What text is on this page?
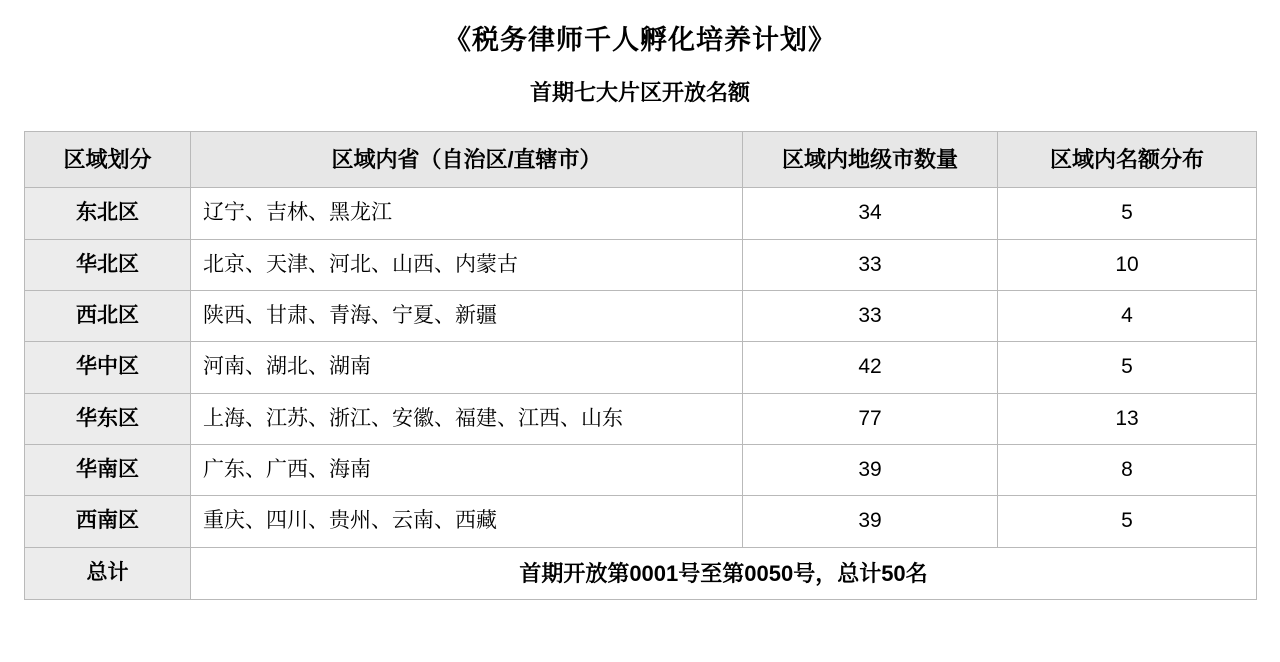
《税务律师千人孵化培养计划》
首期七大片区开放名额
区域划分	区域内省（自治区/直辖市）	区域内地级市数量	区域内名额分布
东北区	辽宁、吉林、黑龙江	34	5
华北区	北京、天津、河北、山西、内蒙古	33	10
西北区	陕西、甘肃、青海、宁夏、新疆	33	4
华中区	河南、湖北、湖南	42	5
华东区	上海、江苏、浙江、安徽、福建、江西、山东	77	13
华南区	广东、广西、海南	39	8
西南区	重庆、四川、贵州、云南、西藏	39	5
总计	首期开放第0001号至第0050号，总计50名		
